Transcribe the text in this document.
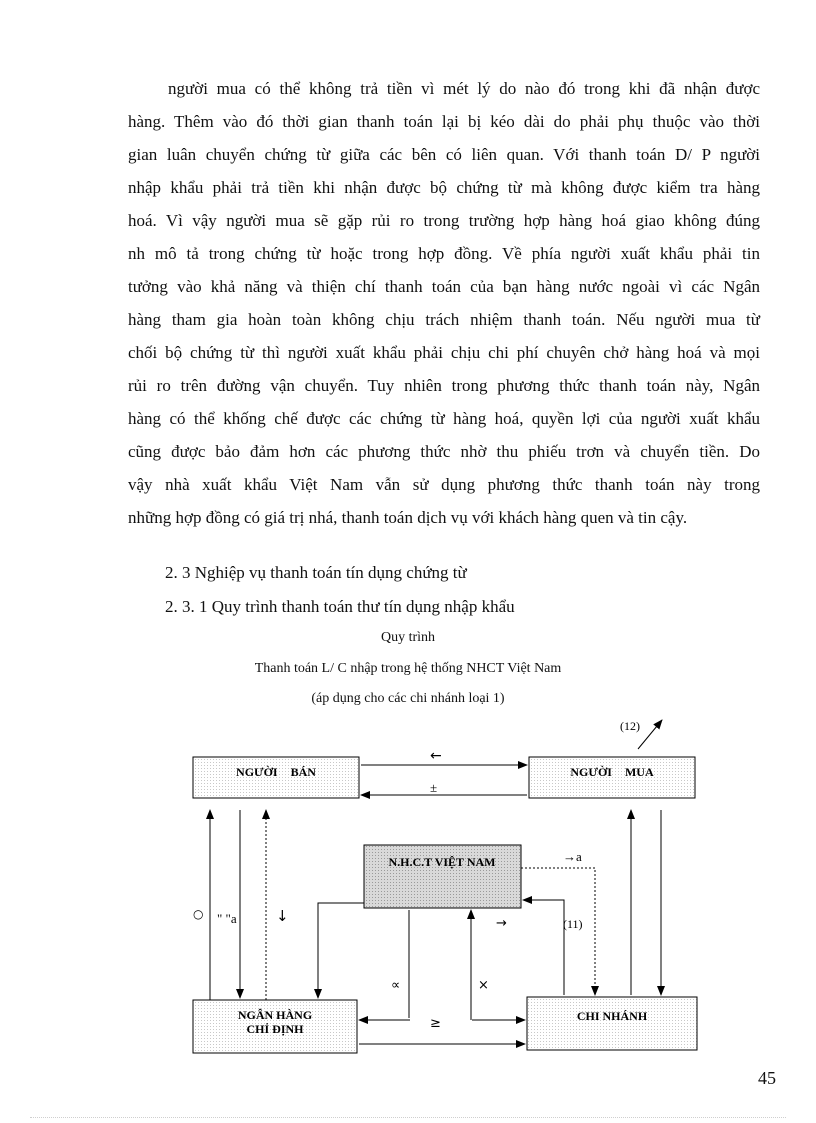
người mua có thể không trả tiền vì mét lý do nào đó trong khi đã nhận được
hàng. Thêm vào đó thời gian thanh toán lại bị kéo dài do phải phụ thuộc vào thời
gian luân chuyển chứng từ giữa các bên có liên quan. Với thanh toán D/ P người
nhập khẩu phải trả tiền khi nhận được bộ chứng từ mà không được kiểm tra hàng
hoá. Vì vậy người mua sẽ gặp rủi ro trong trường hợp hàng hoá giao không đúng
nh mô tả trong chứng từ hoặc trong hợp đồng. Về phía người xuất khẩu phải tin
tưởng vào khả năng và thiện chí thanh toán của bạn hàng nước ngoài vì các Ngân
hàng tham gia hoàn toàn không chịu trách nhiệm thanh toán. Nếu người mua từ
chối bộ chứng từ thì người xuất khẩu phải chịu chi phí chuyên chở hàng hoá và mọi
rủi ro trên đường vận chuyển. Tuy nhiên trong phương thức thanh toán này, Ngân
hàng có thể khống chế được các chứng từ hàng hoá, quyền lợi của người xuất khẩu
cũng được bảo đảm hơn các phương thức nhờ thu phiếu trơn và chuyển tiền. Do
vậy nhà xuất khẩu Việt Nam vẫn sử dụng phương thức thanh toán này trong
những hợp đồng có giá trị nhá, thanh toán dịch vụ với khách hàng quen và tin cậy.

2. 3 Nghiệp vụ thanh toán tín dụng chứng từ

2. 3. 1 Quy trình thanh toán thư tín dụng nhập khẩu

Quy trình

Thanh toán L/ C nhập trong hệ thống NHCT Việt Nam

(áp dụng cho các chi nhánh loại 1)

NGƯỜI BÁN	NGƯỜI MUA
N.H.C.T VIỆT NAM
NGÂN HÀNG
CHỈ ĐỊNH
CHI NHÁNH
(12)
←
±
→a
(11)
○ " "a	↓	→
∝	×
≥
45
